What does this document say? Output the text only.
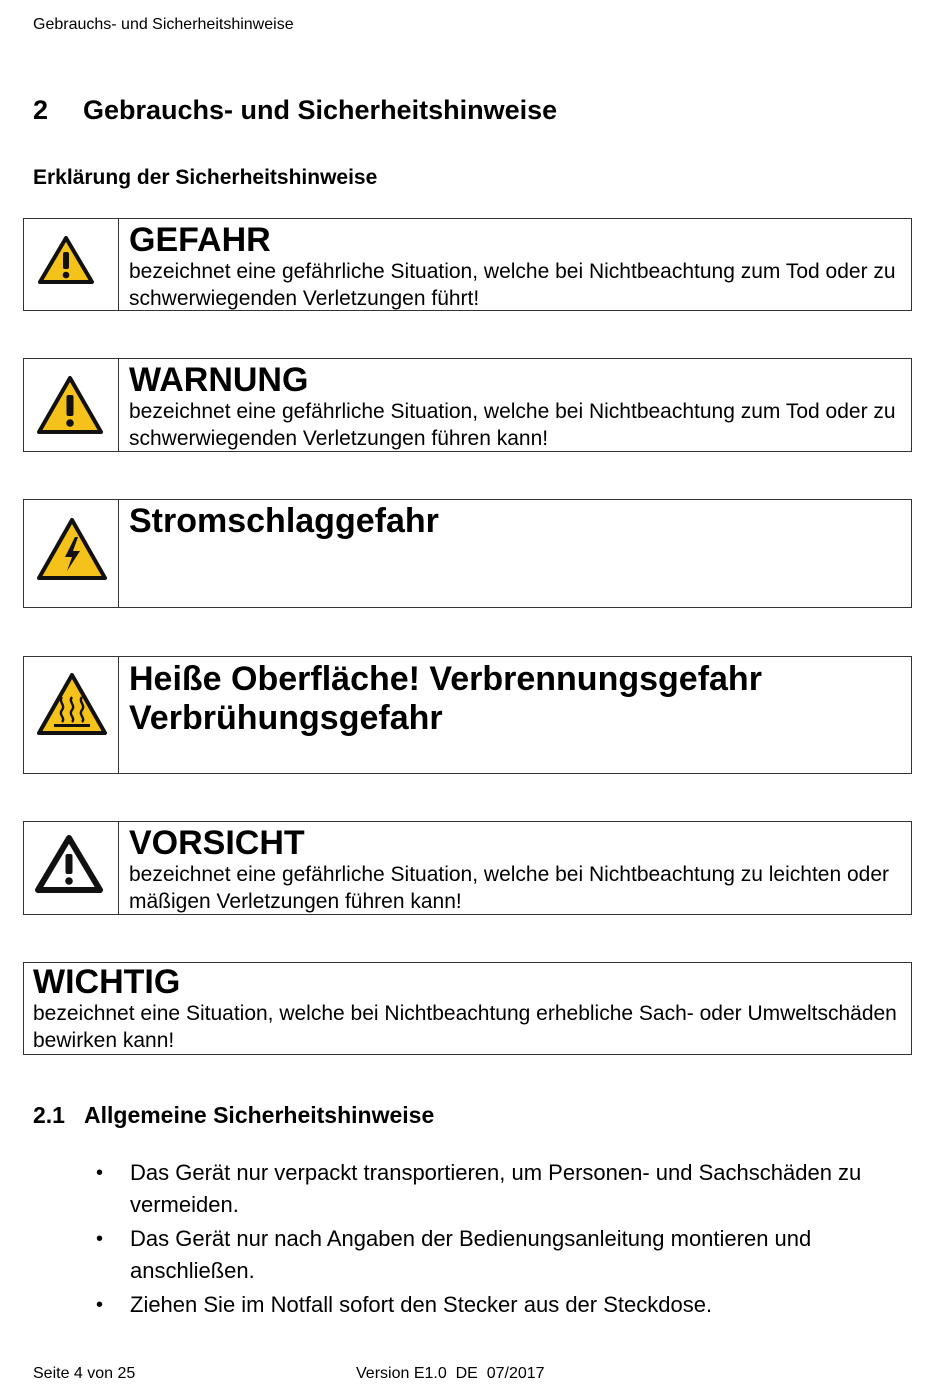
Gebrauchs- und Sicherheitshinweise
2 Gebrauchs- und Sicherheitshinweise
Erklärung der Sicherheitshinweise
GEFAHR
bezeichnet eine gefährliche Situation, welche bei Nichtbeachtung zum Tod oder zu schwerwiegenden Verletzungen führt!
WARNUNG
bezeichnet eine gefährliche Situation, welche bei Nichtbeachtung zum Tod oder zu schwerwiegenden Verletzungen führen kann!
Stromschlaggefahr
Heiße Oberfläche! Verbrennungsgefahr
Verbrühungsgefahr
VORSICHT
bezeichnet eine gefährliche Situation, welche bei Nichtbeachtung zu leichten oder mäßigen Verletzungen führen kann!
WICHTIG
bezeichnet eine Situation, welche bei Nichtbeachtung erhebliche Sach- oder Umweltschäden bewirken kann!
2.1 Allgemeine Sicherheitshinweise
• Das Gerät nur verpackt transportieren, um Personen- und Sachschäden zu vermeiden.
• Das Gerät nur nach Angaben der Bedienungsanleitung montieren und anschließen.
• Ziehen Sie im Notfall sofort den Stecker aus der Steckdose.
Seite 4 von 25	Version E1.0  DE  07/2017
